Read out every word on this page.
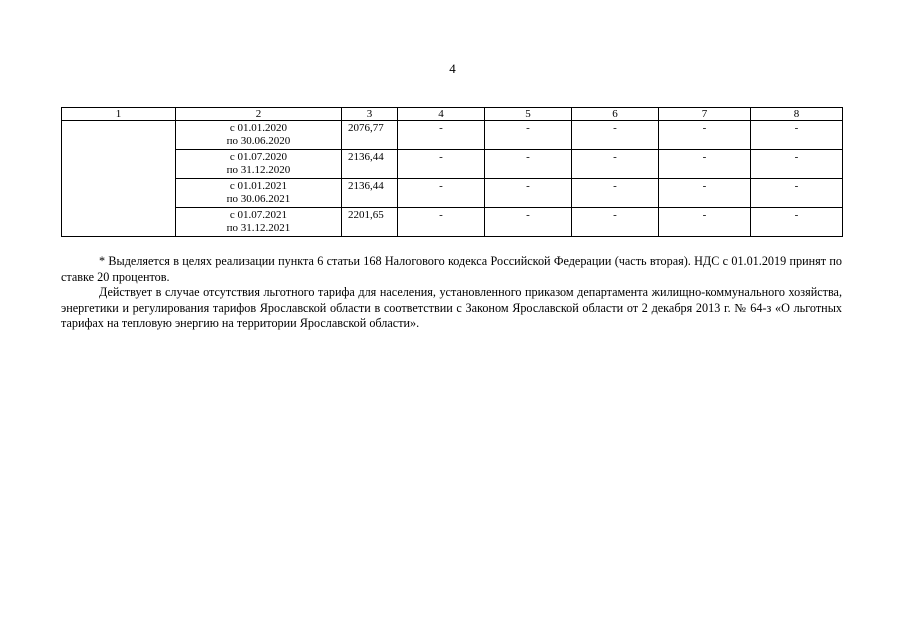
4
1	2	3	4	5	6	7	8

	с 01.01.2020
по 30.06.2020	2076,77	-	-	-	-	-

	с 01.07.2020
по 31.12.2020	2136,44	-	-	-	-	-

	с 01.01.2021
по 30.06.2021	2136,44	-	-	-	-	-

	с 01.07.2021
по 31.12.2021	2201,65	-	-	-	-	-

* Выделяется в целях реализации пункта 6 статьи 168 Налогового кодекса Российской Федерации (часть вторая). НДС с 01.01.2019 принят по ставке 20 процентов.

Действует в случае отсутствия льготного тарифа для населения, установленного приказом департамента жилищно-коммунального хозяйства, энергетики и регулирования тарифов Ярославской области в соответствии с Законом Ярославской области от 2 декабря 2013 г. № 64-з «О льготных тарифах на тепловую энергию на территории Ярославской области».
